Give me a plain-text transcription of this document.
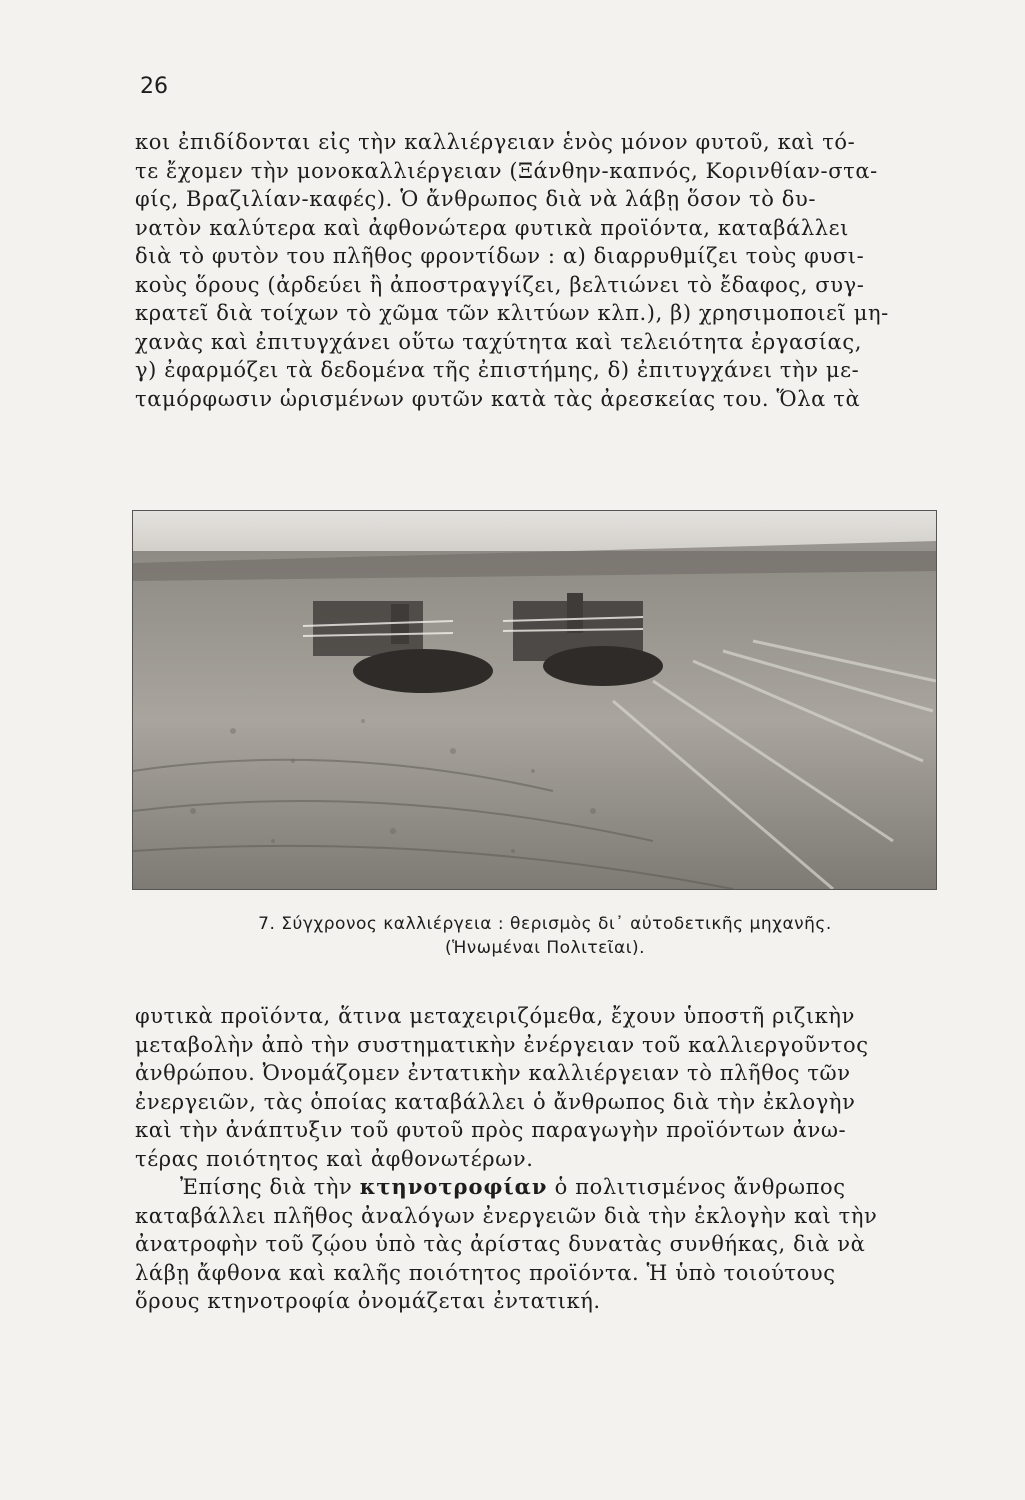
26
κοι ἐπιδίδονται εἰς τὴν καλλιέργειαν ἑνὸς μόνον φυτοῦ, καὶ τό-
τε ἔχομεν τὴν μονοκαλλιέργειαν (Ξάνθην-καπνός, Κορινθίαν-στα-
φίς, Βραζιλίαν-καφές). Ὁ ἄνθρωπος διὰ νὰ λάβῃ ὅσον τὸ δυ-
νατὸν καλύτερα καὶ ἀφθονώτερα φυτικὰ προϊόντα, καταβάλλει
διὰ τὸ φυτὸν του πλῆθος φροντίδων : α) διαρρυθμίζει τοὺς φυσι-
κοὺς ὅρους (ἀρδεύει ἢ ἀποστραγγίζει, βελτιώνει τὸ ἔδαφος, συγ-
κρατεῖ διὰ τοίχων τὸ χῶμα τῶν κλιτύων κλπ.), β) χρησιμοποιεῖ μη-
χανὰς καὶ ἐπιτυγχάνει οὕτω ταχύτητα καὶ τελειότητα ἐργασίας,
γ) ἐφαρμόζει τὰ δεδομένα τῆς ἐπιστήμης, δ) ἐπιτυγχάνει τὴν με-
ταμόρφωσιν ὡρισμένων φυτῶν κατὰ τὰς ἀρεσκείας του. Ὅλα τὰ
7. Σύγχρονος καλλιέργεια : θερισμὸς δι᾽ αὐτοδετικῆς μηχανῆς.
(Ἡνωμέναι Πολιτεῖαι).
φυτικὰ προϊόντα, ἅτινα μεταχειριζόμεθα, ἔχουν ὑποστῆ ριζικὴν
μεταβολὴν ἀπὸ τὴν συστηματικὴν ἐνέργειαν τοῦ καλλιεργοῦντος
ἀνθρώπου. Ὀνομάζομεν ἐντατικὴν καλλιέργειαν τὸ πλῆθος τῶν
ἐνεργειῶν, τὰς ὁποίας καταβάλλει ὁ ἄνθρωπος διὰ τὴν ἐκλογὴν
καὶ τὴν ἀνάπτυξιν τοῦ φυτοῦ πρὸς παραγωγὴν προϊόντων ἀνω-
τέρας ποιότητος καὶ ἀφθονωτέρων.
Ἐπίσης διὰ τὴν κτηνοτροφίαν ὁ πολιτισμένος ἄνθρωπος
καταβάλλει πλῆθος ἀναλόγων ἐνεργειῶν διὰ τὴν ἐκλογὴν καὶ τὴν
ἀνατροφὴν τοῦ ζῴου ὑπὸ τὰς ἀρίστας δυνατὰς συνθήκας, διὰ νὰ
λάβῃ ἄφθονα καὶ καλῆς ποιότητος προϊόντα. Ἡ ὑπὸ τοιούτους
ὅρους κτηνοτροφία ὀνομάζεται ἐντατική.
